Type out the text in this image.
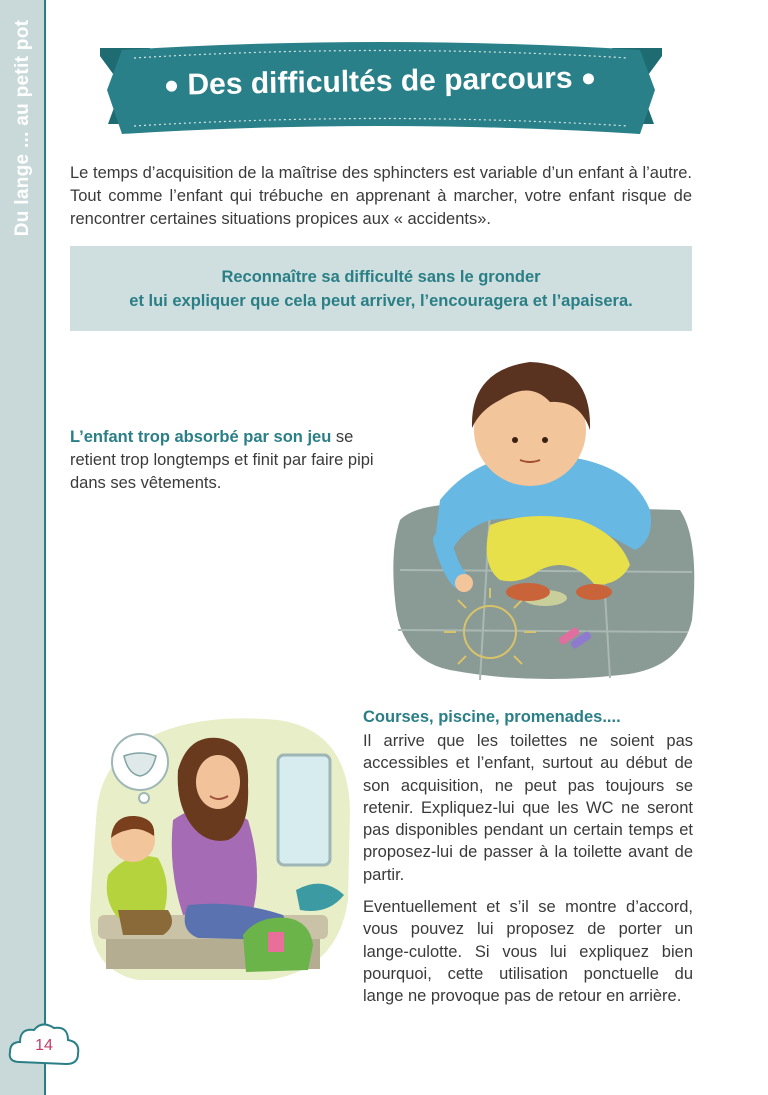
Du lange ... au petit pot	Des difficultés de parcours
Le temps d’acquisition de la maîtrise des sphincters est variable d’un enfant à l’autre. Tout comme l’enfant qui trébuche en apprenant à marcher, votre enfant risque de rencontrer certaines situations propices aux « accidents».
Reconnaître sa difficulté sans le gronder
et lui expliquer que cela peut arriver, l’encouragera et l’apaisera.
L’enfant trop absorbé par son jeu se retient trop longtemps et finit par faire pipi dans ses vêtements.
Courses, piscine, promenades....
Il arrive que les toilettes ne soient pas accessibles et l’enfant, surtout au début de son acquisition, ne peut pas toujours se retenir. Expliquez-lui que les WC ne seront pas disponibles pendant un certain temps et proposez-lui de passer à la toilette avant de partir.
Eventuellement et s’il se montre d’accord, vous pouvez lui proposez de porter un lange-culotte. Si vous lui expliquez bien pourquoi, cette utilisation ponctuelle du lange ne provoque pas de retour en arrière.
14
